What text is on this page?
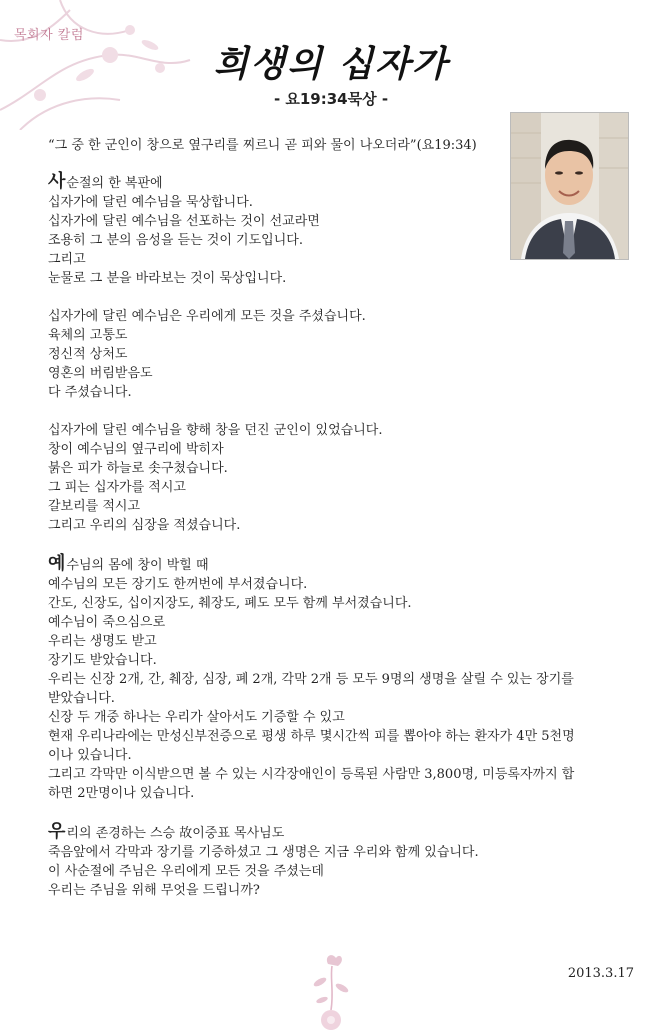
목회자 칼럼
희생의 십자가
- 요19:34묵상 -
“그 중 한 군인이 창으로 옆구리를 찌르니 곧 피와 물이 나오더라”(요19:34)
사순절의 한 복판에
십자가에 달린 예수님을 묵상합니다.
십자가에 달린 예수님을 선포하는 것이 선교라면
조용히 그 분의 음성을 듣는 것이 기도입니다.
그리고
눈물로 그 분을 바라보는 것이 묵상입니다.
십자가에 달린 예수님은 우리에게 모든 것을 주셨습니다.
육체의 고통도
정신적 상처도
영혼의 버림받음도
다 주셨습니다.
십자가에 달린 예수님을 향해 창을 던진 군인이 있었습니다.
창이 예수님의 옆구리에 박히자
붉은 피가 하늘로 솟구쳤습니다.
그 피는 십자가를 적시고
갈보리를 적시고
그리고 우리의 심장을 적셨습니다.
예수님의 몸에 창이 박힐 때
예수님의 모든 장기도 한꺼번에 부서졌습니다.
간도, 신장도, 십이지장도, 췌장도, 폐도 모두 함께 부서졌습니다.
예수님이 죽으심으로
우리는 생명도 받고
장기도 받았습니다.
우리는 신장 2개, 간, 췌장, 심장, 폐 2개, 각막 2개 등 모두 9명의 생명을 살릴 수 있는 장기를
받았습니다.
신장 두 개중 하나는 우리가 살아서도 기증할 수 있고
현재 우리나라에는 만성신부전증으로 평생 하루 몇시간씩 피를 뽑아야 하는 환자가 4만 5천명
이나 있습니다.
그리고 각막만 이식받으면 볼 수 있는 시각장애인이 등록된 사람만 3,800명, 미등록자까지 합
하면 2만명이나 있습니다.
우리의 존경하는 스승 故이중표 목사님도
죽음앞에서 각막과 장기를 기증하셨고 그 생명은 지금 우리와 함께 있습니다.
이 사순절에 주님은 우리에게 모든 것을 주셨는데
우리는 주님을 위해 무엇을 드립니까?
2013.3.17
